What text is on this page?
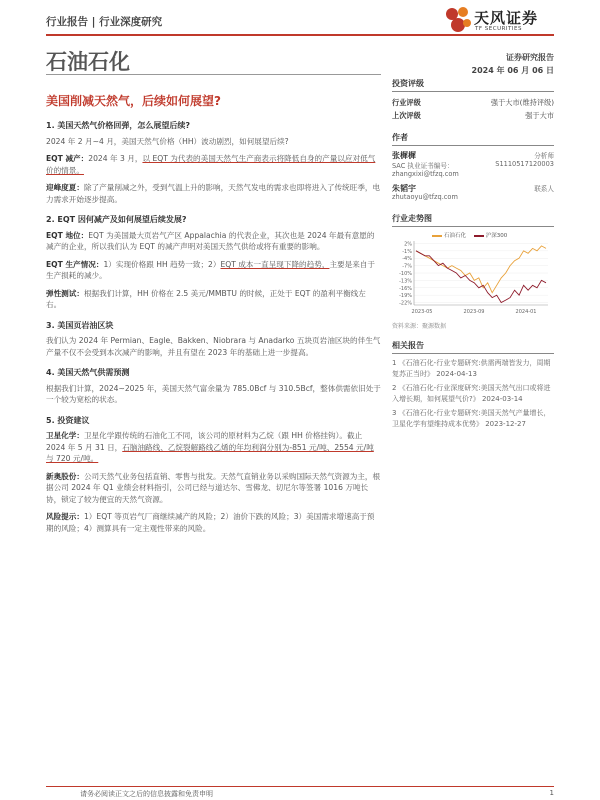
行业报告 | 行业深度研究	天风证券
TF SECURITIES
石油石化	证券研究报告
2024 年 06 月 06 日
美国削减天然气，后续如何展望?
1. 美国天然气价格回弹，怎么展望后续?
2024 年 2 月~4 月，美国天然气价格（HH）波动剧烈，如何展望后续?
EQT 减产：2024 年 3 月，以 EQT 为代表的美国天然气生产商表示将降低自身的产量以应对低气价的情景。
迎峰度夏：除了产量削减之外，受到气温上升的影响，天然气发电的需求也即将进入了传统旺季，电力需求开始逐步提高。
2. EQT 因何减产及如何展望后续发展?
EQT 地位：EQT 为美国最大页岩气产区 Appalachia 的代表企业，其次也是 2024 年最有意愿的减产的企业，所以我们认为 EQT 的减产声明对美国天然气供给或将有重要的影响。
EQT 生产情况：1）实现价格跟 HH 趋势一致；2）EQT 成本一直呈现下降的趋势，主要是来自于生产损耗的减少。
弹性测试：根据我们计算，HH 价格在 2.5 美元/MMBTU 的时候，正处于 EQT 的盈利平衡线左右。
3. 美国页岩油区块
我们认为 2024 年 Permian、Eagle、Bakken、Niobrara 与 Anadarko 五块页岩油区块的伴生气产量不仅不会受到本次减产的影响，并且有望在 2023 年的基础上进一步提高。
4. 美国天然气供需预测
根据我们计算，2024~2025 年，美国天然气富余量为 785.0Bcf 与 310.5Bcf，整体供需依旧处于一个较为宽松的状态。
5. 投资建议
卫星化学：卫星化学跟传统的石油化工不同，该公司的原材料为乙烷（跟 HH 价格挂钩）。截止 2024 年 5 月 31 日，石脑油路线、乙烷裂解路线乙烯的年均利润分别为-851 元/吨、2554 元/吨与 720 元/吨。
新奥股份：公司天然气业务包括直销、零售与批发。天然气直销业务以采购国际天然气资源为主，根据公司 2024 年 Q1 业绩会材料指引，公司已经与道达尔、雪佛龙、切尼尔等签署 1016 万吨长协，锁定了较为便宜的天然气资源。
风险提示：1）EQT 等页岩气厂商继续减产的风险；2）油价下跌的风险；3）美国需求增速高于预期的风险；4）测算具有一定主观性带来的风险。
投资评级
行业评级	强于大市(维持评级)
上次评级	强于大市
作者
张樨樨	分析师
SAC 执业证书编号：	S1110517120003
zhangxixi@tfzq.com
朱韬宇	联系人
zhutaoyu@tfzq.com
行业走势图
石油石化	沪深300
2%
-1%
-4%
-7%
-10%
-13%
-16%
-19%
-22%
2023-05	2023-09	2024-01
资料来源：聚源数据
相关报告
1 《石油石化-行业专题研究:供需两端皆发力，周期复苏正当时》 2024-04-13
2 《石油石化-行业深度研究:美国天然气出口或将进入增长期，如何展望气价?》 2024-03-14
3 《石油石化-行业专题研究:美国天然气产量增长，卫星化学有望维持成本优势》 2023-12-27
请务必阅读正文之后的信息披露和免责申明	1
